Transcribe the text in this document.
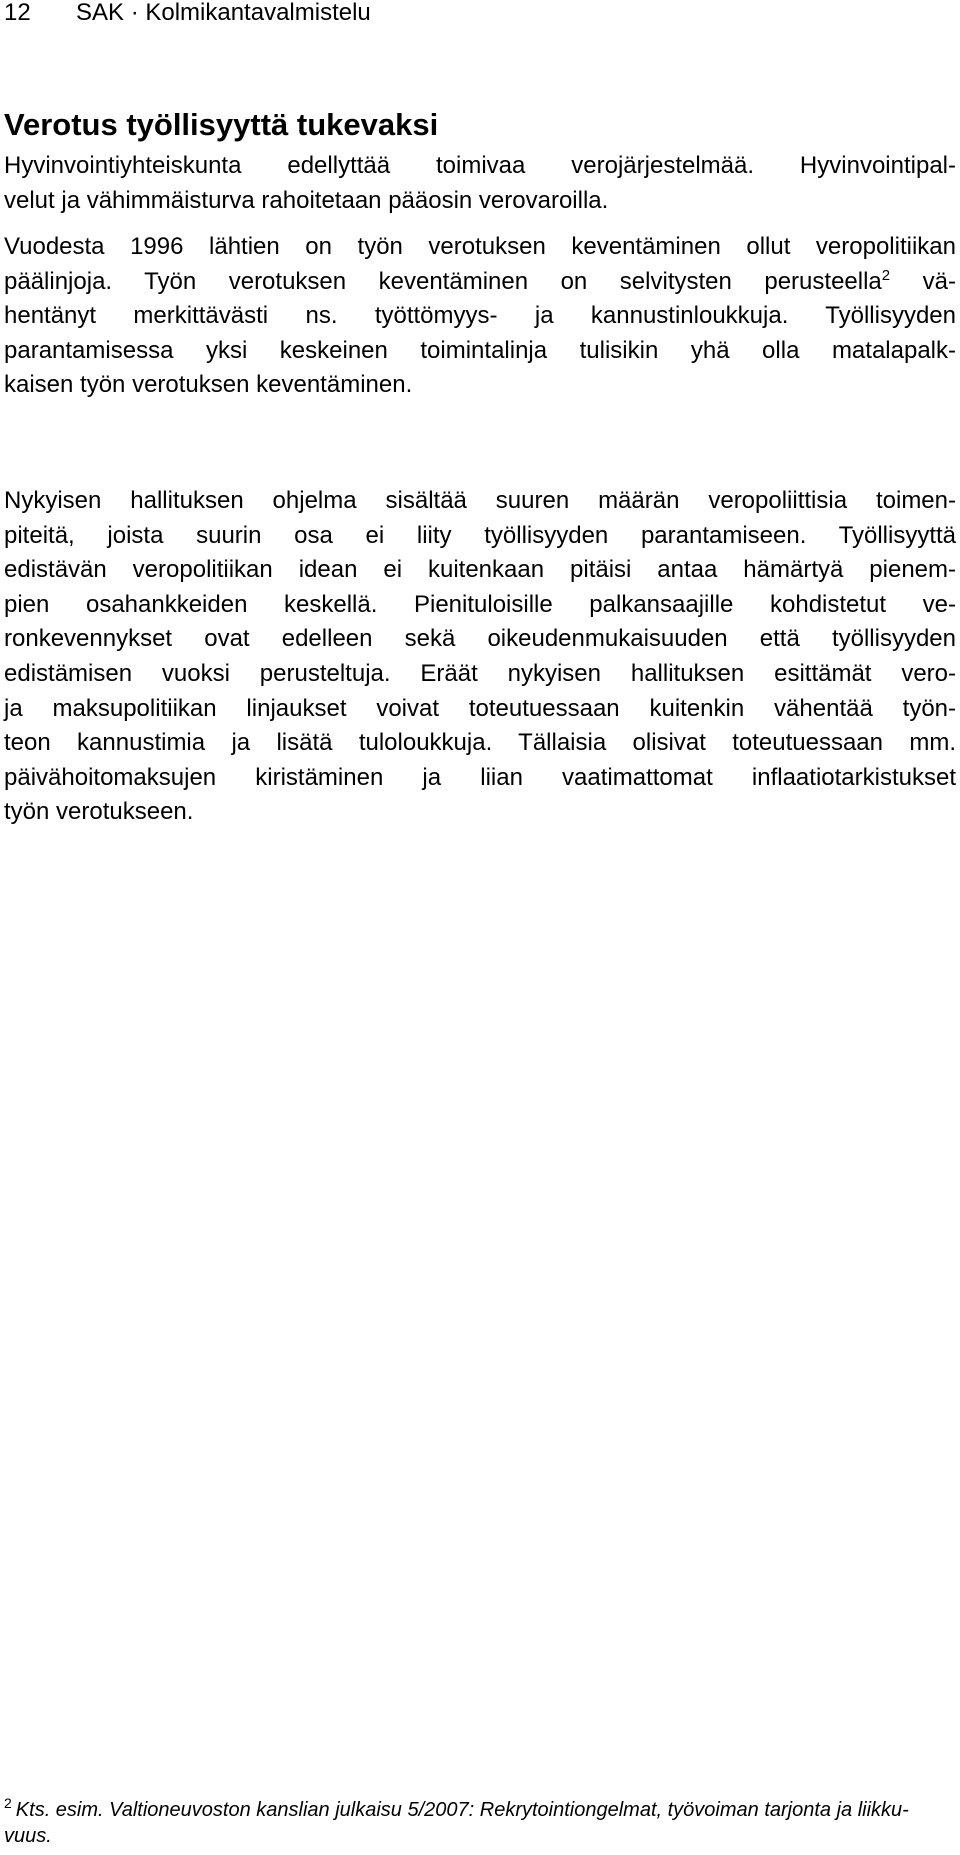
12 SAK · Kolmikantavalmistelu
Verotus työllisyyttä tukevaksi
Hyvinvointiyhteiskunta edellyttää toimivaa verojärjestelmää. Hyvinvointipal-
velut ja vähimmäisturva rahoitetaan pääosin verovaroilla.
Vuodesta 1996 lähtien on työn verotuksen keventäminen ollut veropolitiikan
päälinjoja. Työn verotuksen keventäminen on selvitysten perusteella$^2$ vä-
hentänyt merkittävästi ns. työttömyys- ja kannustinloukkuja. Työllisyyden
parantamisessa yksi keskeinen toimintalinja tulisikin yhä olla matalapalk-
kaisen työn verotuksen keventäminen.
Nykyisen hallituksen ohjelma sisältää suuren määrän veropoliittisia toimen-
piteitä, joista suurin osa ei liity työllisyyden parantamiseen. Työllisyyttä
edistävän veropolitiikan idean ei kuitenkaan pitäisi antaa hämärtyä pienem-
pien osahankkeiden keskellä. Pienituloisille palkansaajille kohdistetut ve-
ronkevennykset ovat edelleen sekä oikeudenmukaisuuden että työllisyyden
edistämisen vuoksi perusteltuja. Eräät nykyisen hallituksen esittämät vero-
ja maksupolitiikan linjaukset voivat toteutuessaan kuitenkin vähentää työn-
teon kannustimia ja lisätä tuloloukkuja. Tällaisia olisivat toteutuessaan mm.
päivähoitomaksujen kiristäminen ja liian vaatimattomat inflaatiotarkistukset
työn verotukseen.
$^2$ Kts. esim. Valtioneuvoston kanslian julkaisu 5/2007: Rekrytointiongelmat, työvoiman tarjonta ja liikku-
vuus.
